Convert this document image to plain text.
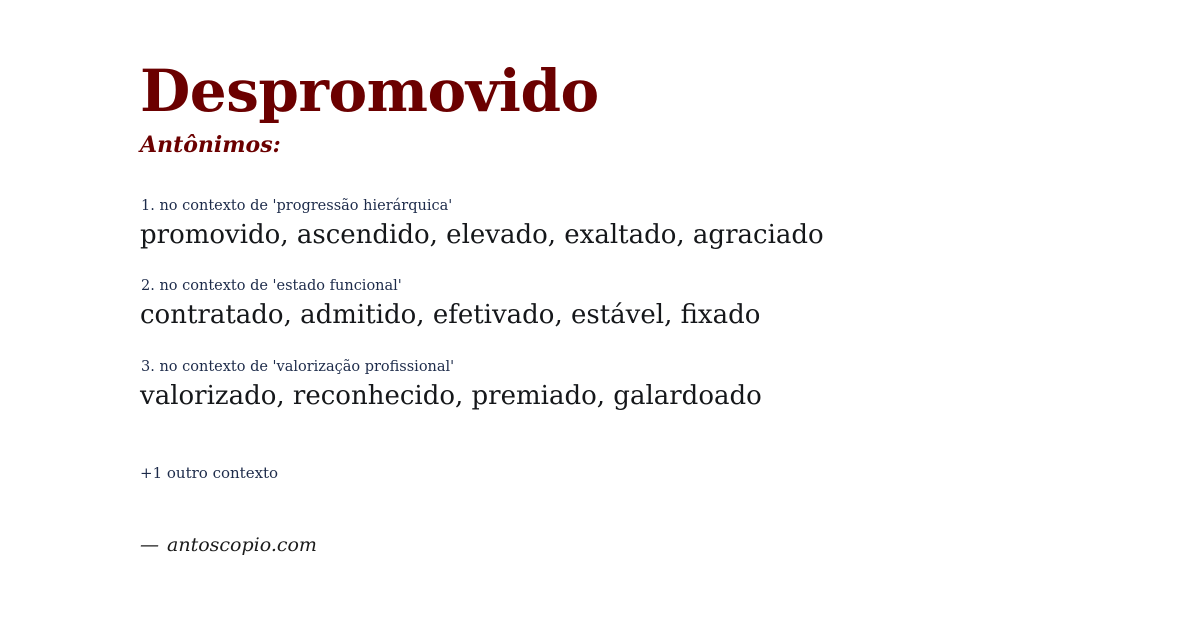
Despromovido
Antônimos:

1. no contexto de 'progressão hierárquica'

promovido, ascendido, elevado, exaltado, agraciado

2. no contexto de 'estado funcional'

contratado, admitido, efetivado, estável, fixado

3. no contexto de 'valorização profissional'

valorizado, reconhecido, premiado, galardoado

+1 outro contexto
— antoscopio.com
